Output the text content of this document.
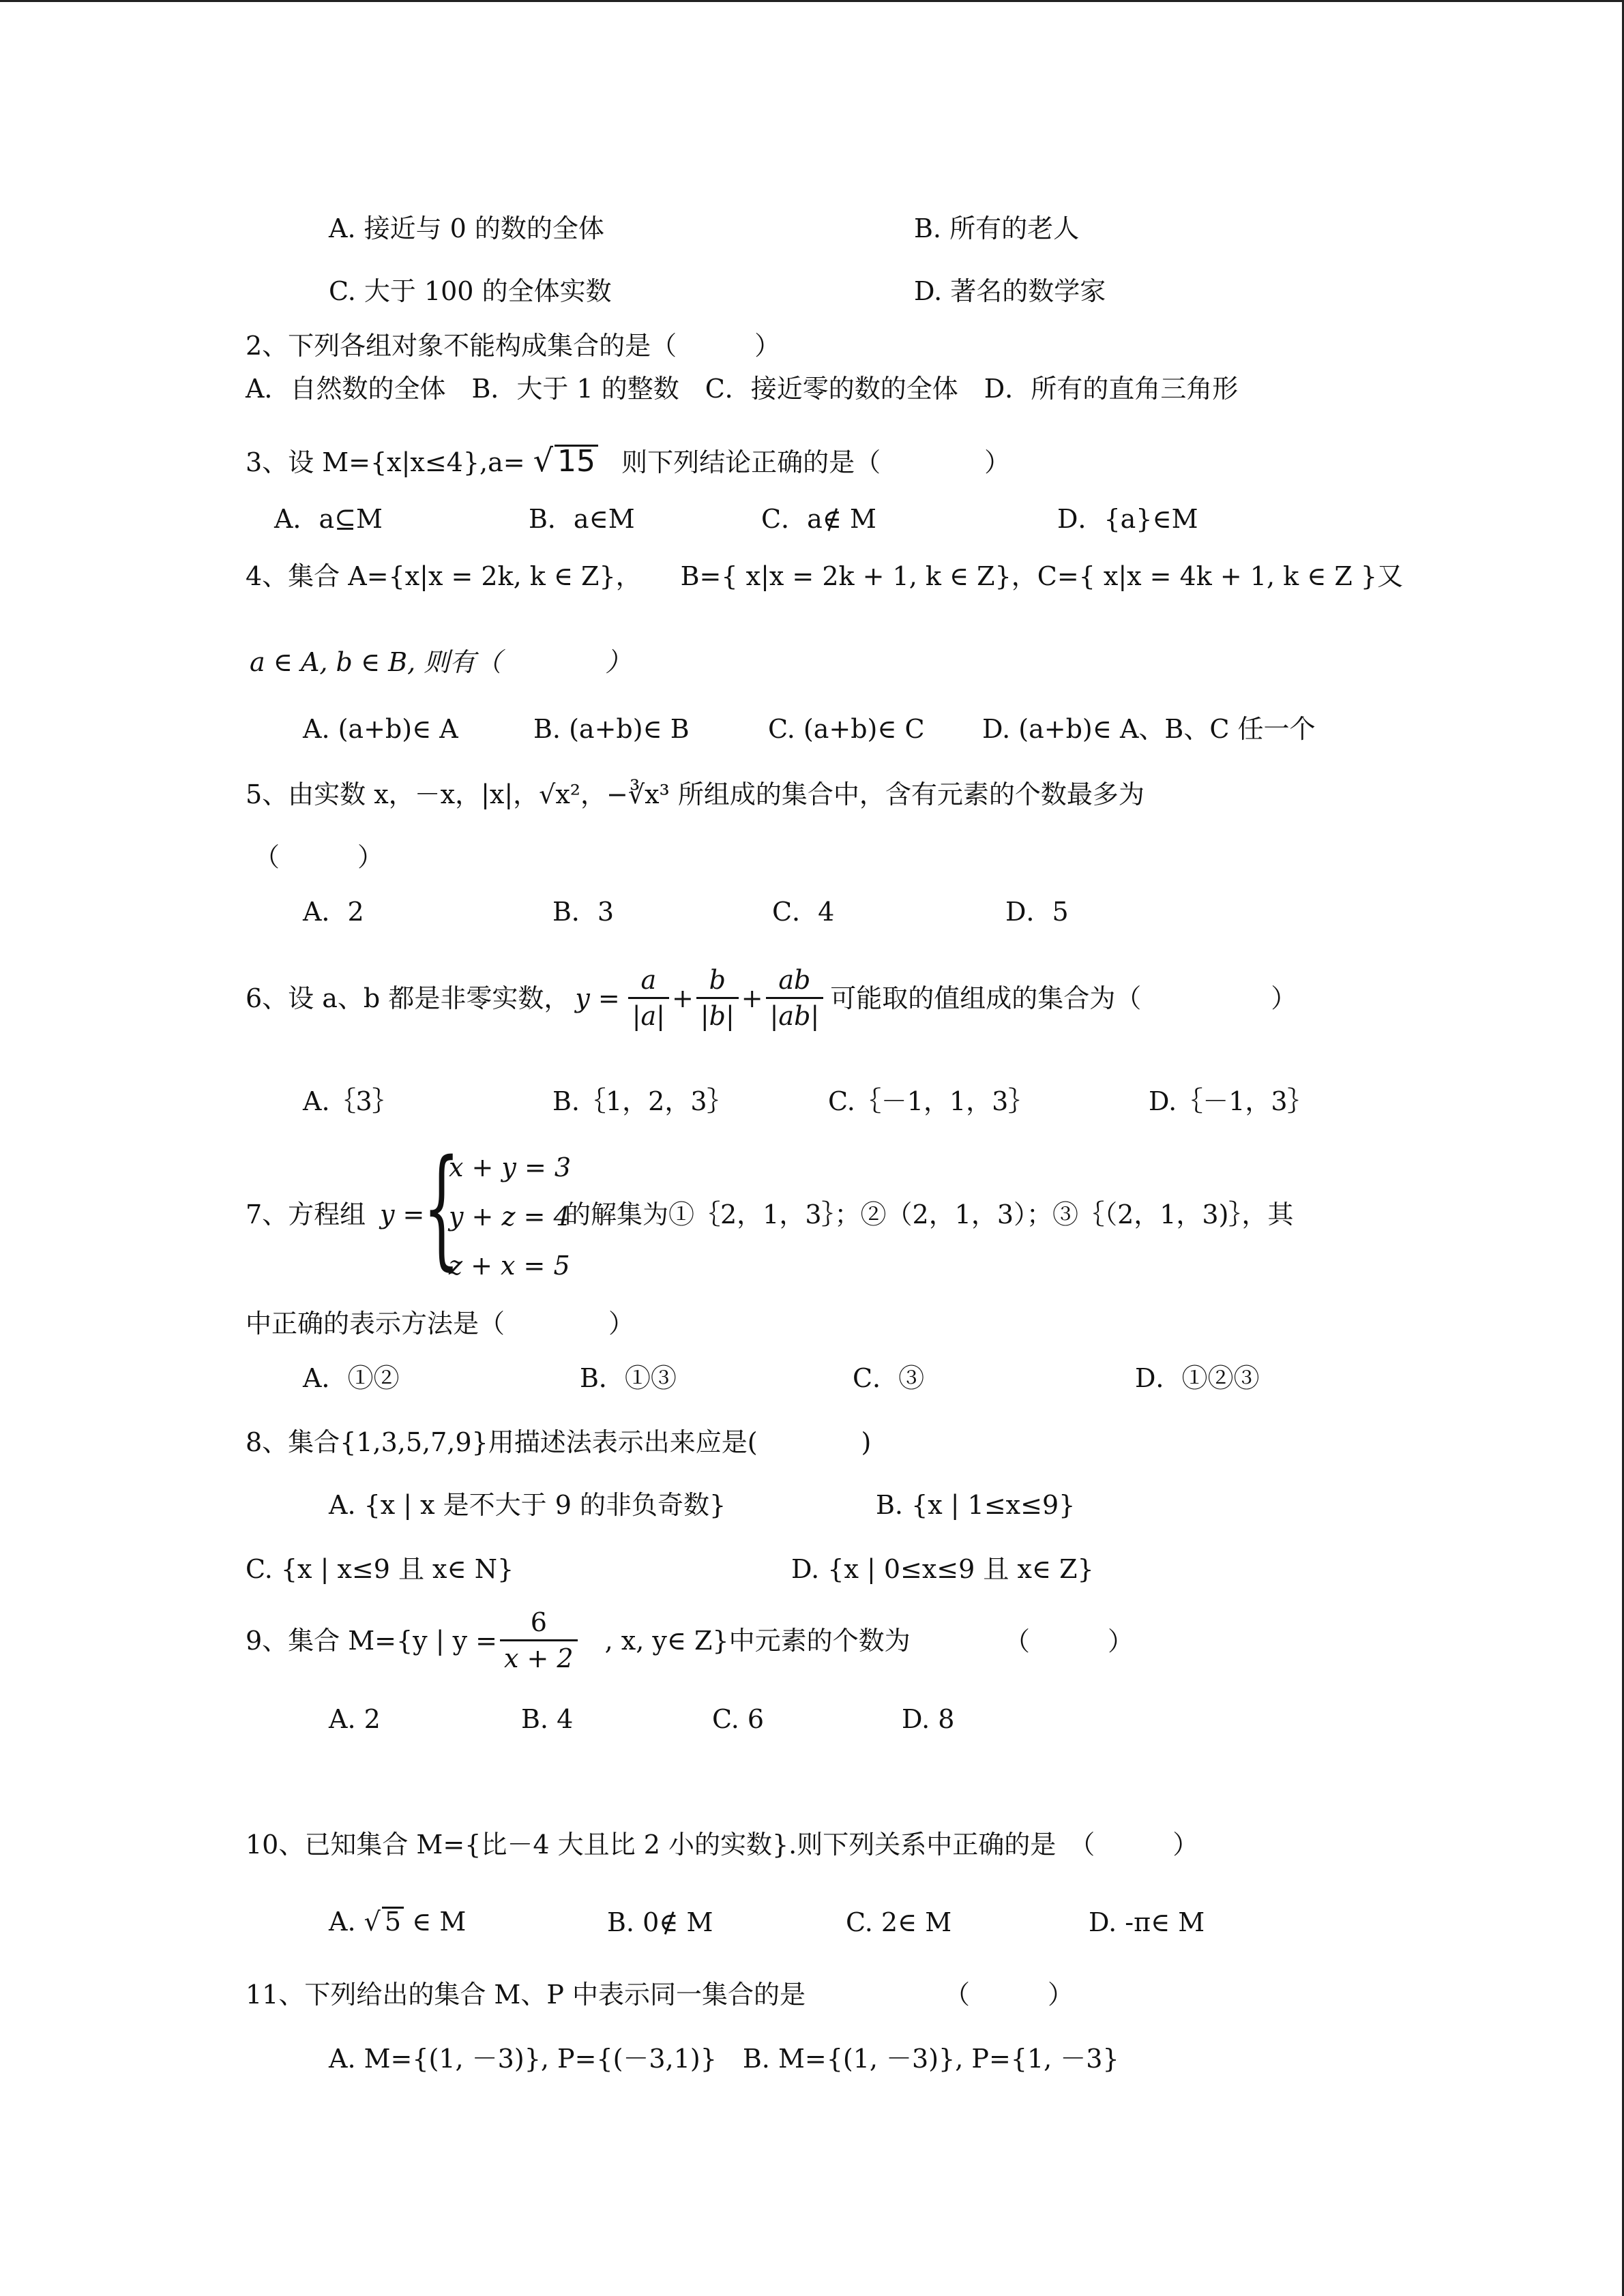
A. 接近与 0 的数的全体	B. 所有的老人
C. 大于 100 的全体实数	D. 著名的数学家
2、下列各组对象不能构成集合的是（　　　）
A．自然数的全体　B．大于 1 的整数　C．接近零的数的全体　D．所有的直角三角形
3、设 M={x|x≤4},a= √ 15 则下列结论正确的是（　　　　）
A．a⊆M	B．a∈M	C．a∉ M	D．{a}∈M
4、集合 A={x|x = 2k, k ∈ Z}，　　B={ x|x = 2k + 1, k ∈ Z}，C={ x|x = 4k + 1, k ∈ Z }又
a ∈ A, b ∈ B, 则有（　　　　）
A. (a+b)∈ A	B. (a+b)∈ B	C. (a+b)∈ C D. (a+b)∈ A、B、C 任一个
5、由实数 x，－x，|x|，√x²，−∛x³ 所组成的集合中，含有元素的个数最多为
（　　　）
A．2	B．3	C．4	D．5
6、设 a、b 都是非零实数， $y = \frac{a}{|a|} + \frac{b}{|b|} + \frac{ab}{|ab|}$ 可能取的值组成的集合为（　　　　　）
A.｛3｝	B.｛1，2，3｝	C.｛－1，1，3｝	D.｛－1，3｝
7、方程组 y =
{
x + y = 3
y + z = 4
z + x = 5
的解集为①｛2，1，3｝；②（2，1，3）；③｛（2，1，3)｝，其
中正确的表示方法是（　　　　）
A．①②	B．①③	C．③	D．①②③
8、集合{1,3,5,7,9}用描述法表示出来应是(　　　　)
A. {x | x 是不大于 9 的非负奇数}	B. {x | 1≤x≤9}
C. {x | x≤9 且 x∈ N}	D. {x | 0≤x≤9 且 x∈ Z}
9、集合 M={y | $y = \frac{6}{x + 2}$ , x, y∈ Z}中元素的个数为	（　　　）
A. 2	B. 4	C. 6	D. 8
10、已知集合 M={比－4 大且比 2 小的实数}.则下列关系中正确的是　（　　　）
A. √ 5 ∈ M	B. 0∉ M	C. 2∈ M	D. -π∈ M
11、下列给出的集合 M、P 中表示同一集合的是	（　　　）
A. M={(1, －3)}, P={(－3,1)}　B. M={(1, －3)}, P={1, －3}
